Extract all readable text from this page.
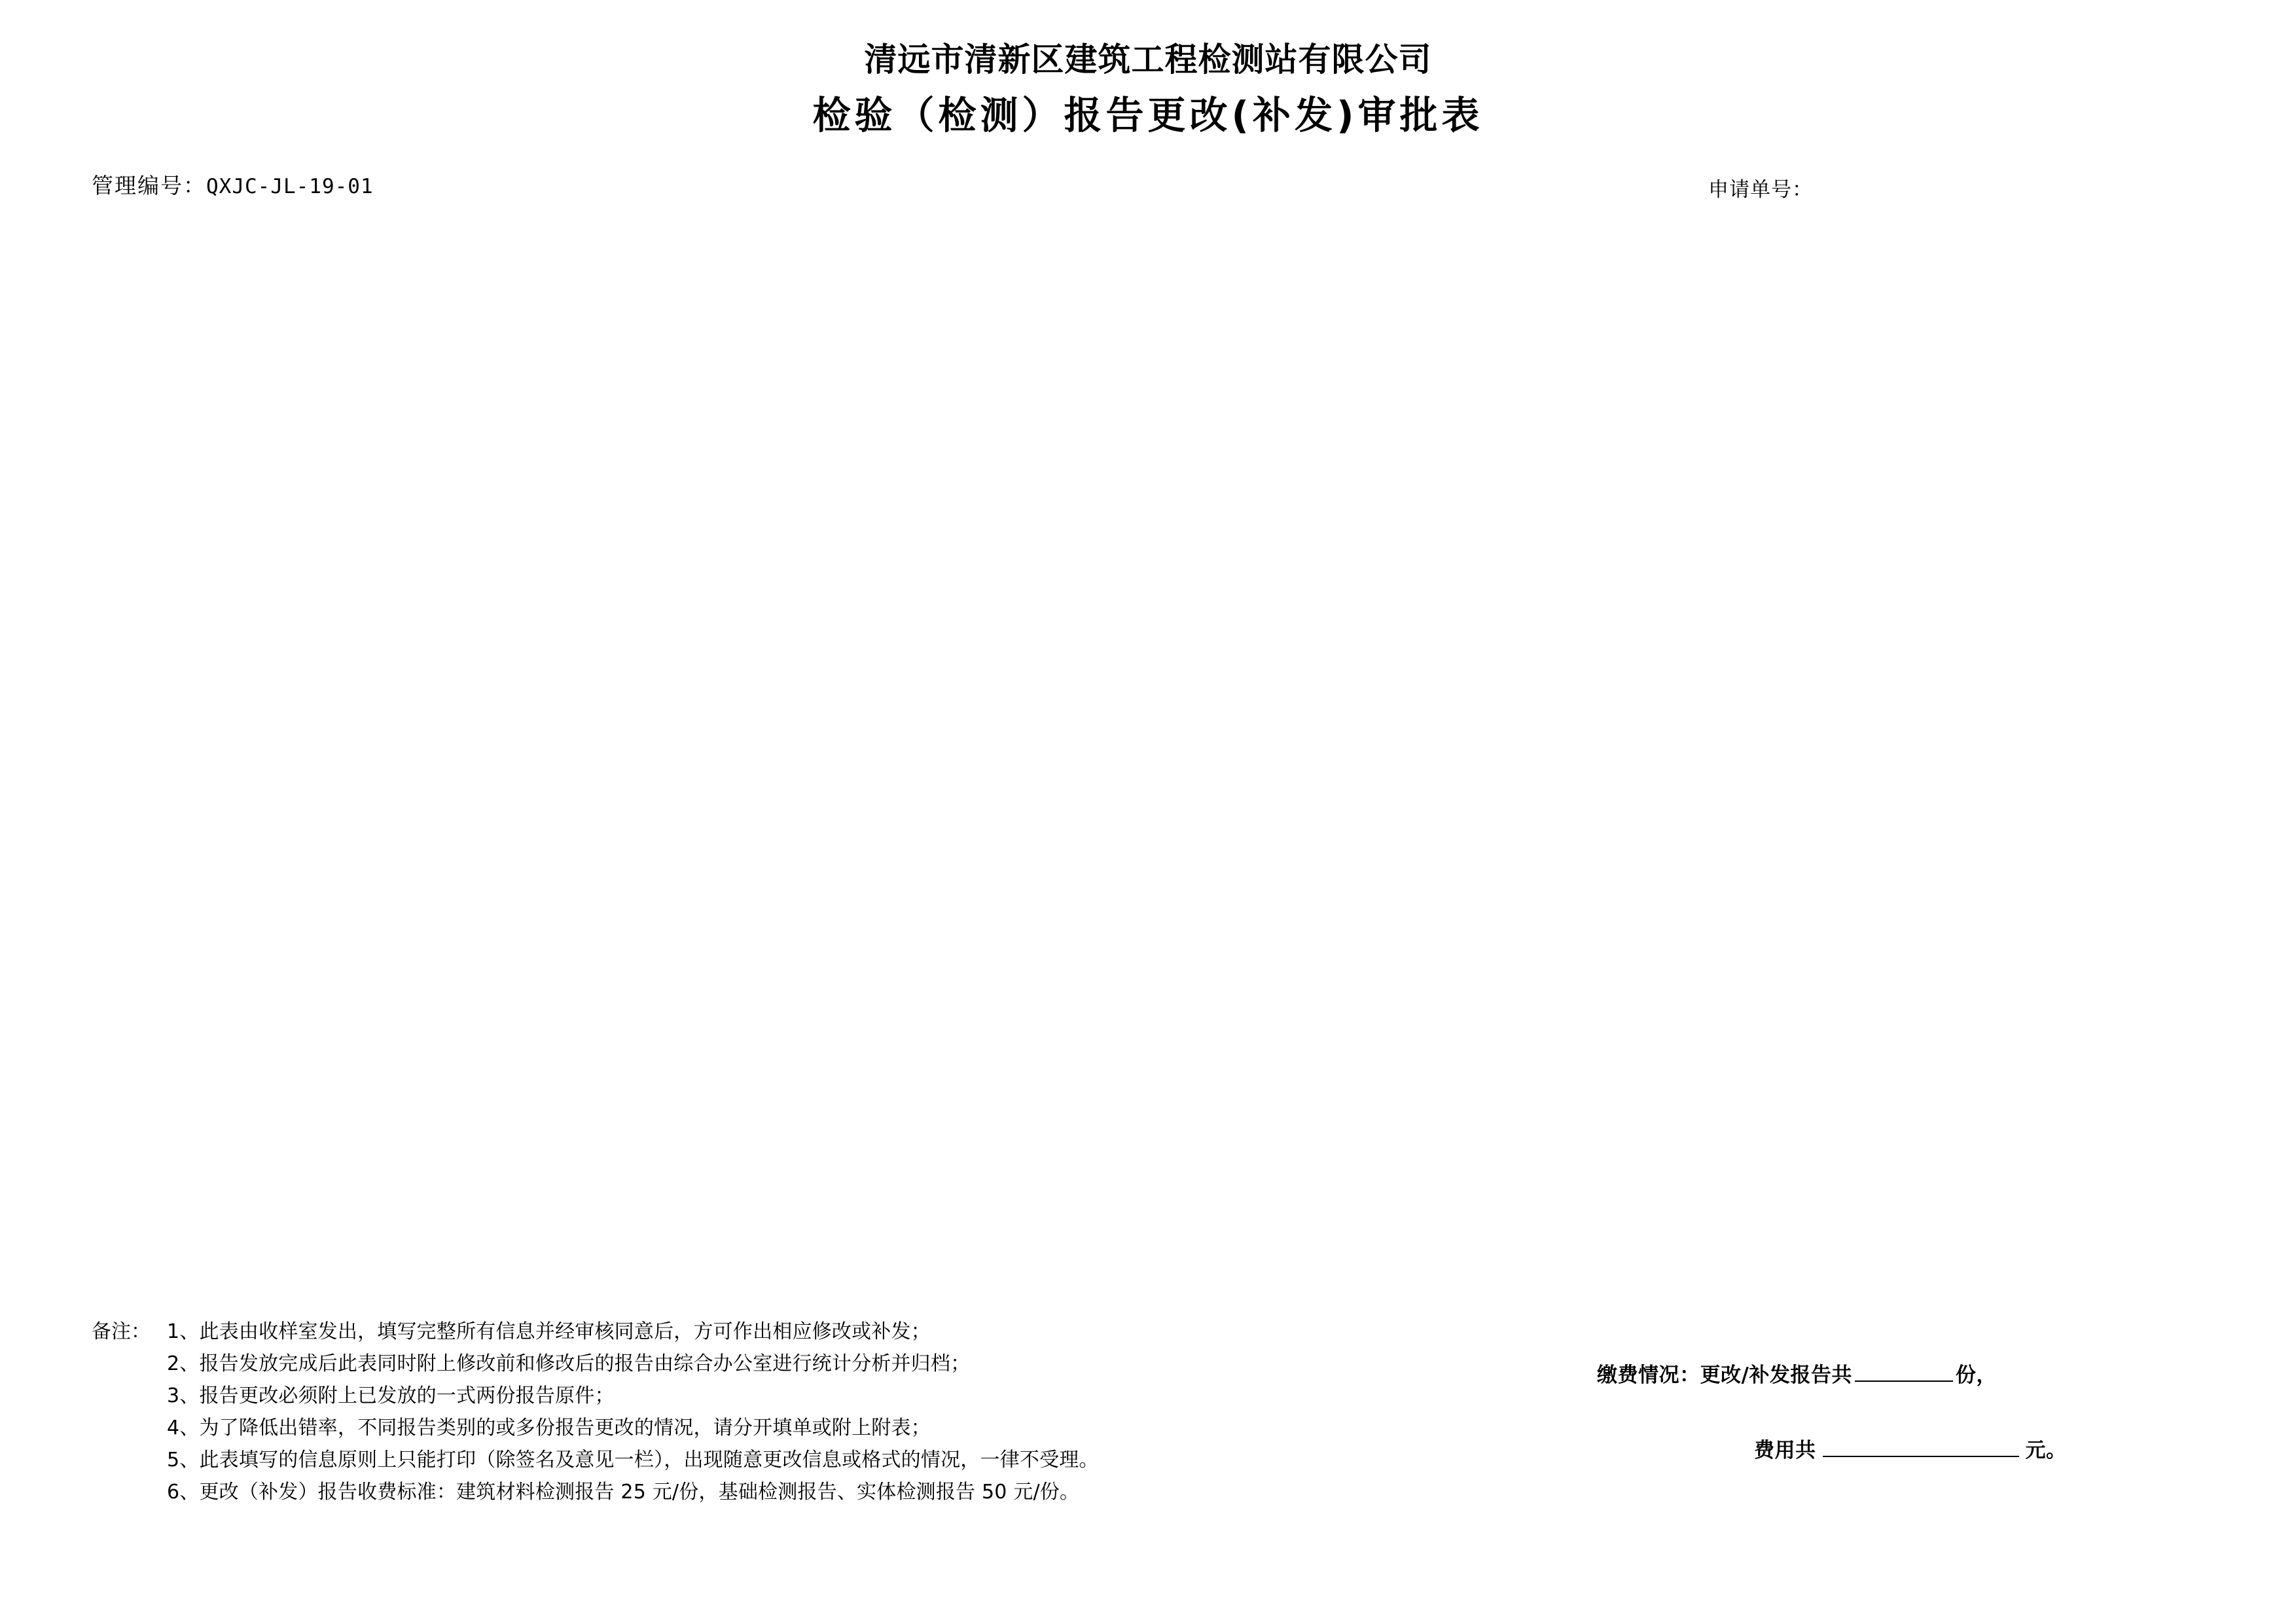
清远市清新区建筑工程检测站有限公司
检验（检测）报告更改(补发)审批表
管理编号：QXJC-JL-19-01	申请单号：
备注： 1、此表由收样室发出，填写完整所有信息并经审核同意后，方可作出相应修改或补发；
2、报告发放完成后此表同时附上修改前和修改后的报告由综合办公室进行统计分析并归档；
3、报告更改必须附上已发放的一式两份报告原件；
4、为了降低出错率，不同报告类别的或多份报告更改的情况，请分开填单或附上附表；
5、此表填写的信息原则上只能打印（除签名及意见一栏），出现随意更改信息或格式的情况，一律不受理。
6、更改（补发）报告收费标准：建筑材料检测报告 25 元/份，基础检测报告、实体检测报告 50 元/份。
缴费情况：更改/补发报告共	份，
费用共	元。
